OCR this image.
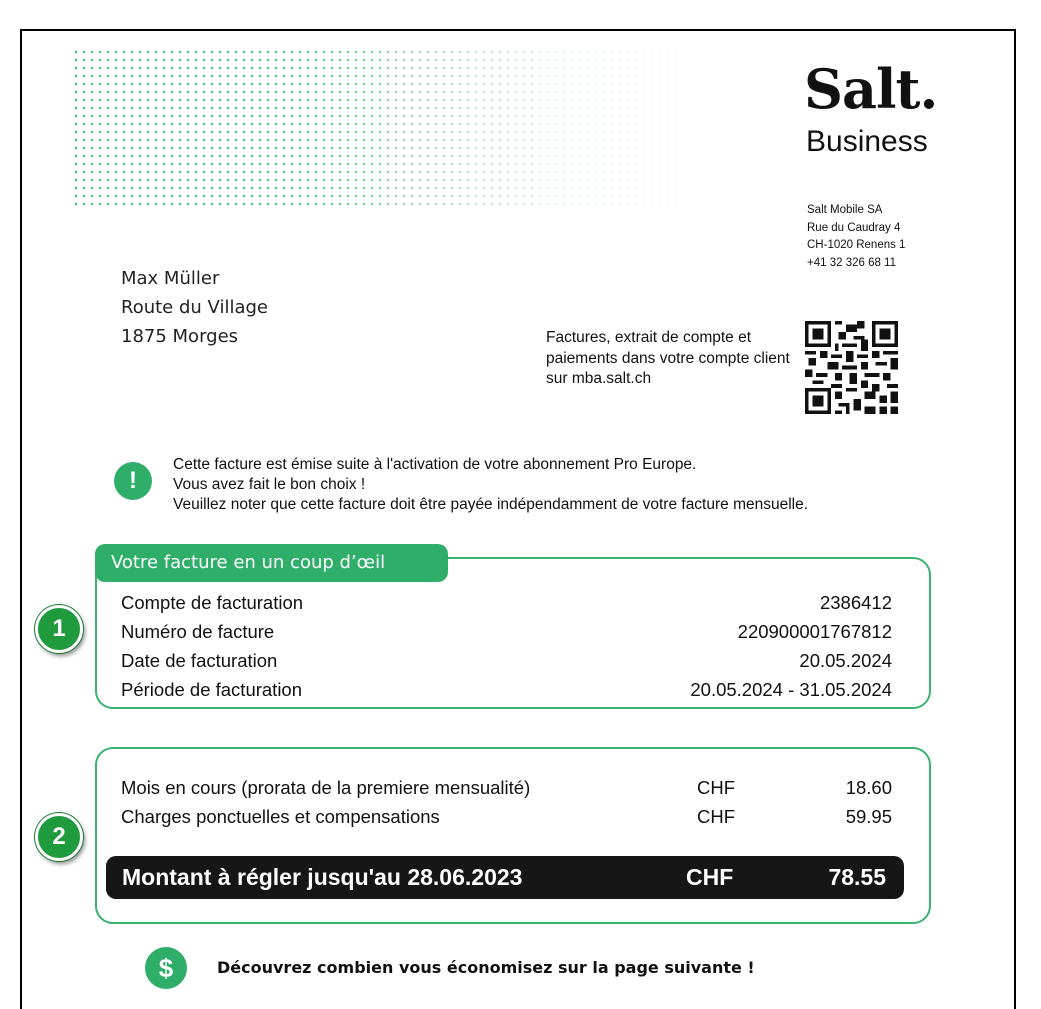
Salt.
Business
Salt Mobile SA
Rue du Caudray 4
CH-1020 Renens 1
+41 32 326 68 11
Max Müller
Route du Village
1875 Morges	Factures, extrait de compte et paiements dans votre compte client sur mba.salt.ch
!
Cette facture est émise suite à l'activation de votre abonnement Pro Europe.
Vous avez fait le bon choix !
Veuillez noter que cette facture doit être payée indépendamment de votre facture mensuelle.
Votre facture en un coup d’œil
1
Compte de facturation	2386412
Numéro de facture	220900001767812
Date de facturation	20.05.2024
Période de facturation	20.05.2024 - 31.05.2024
2
Mois en cours (prorata de la premiere mensualité)	CHF	18.60
Charges ponctuelles et compensations	CHF	59.95
Montant à régler jusqu'au 28.06.2023	CHF	78.55
$	Découvrez combien vous économisez sur la page suivante !
